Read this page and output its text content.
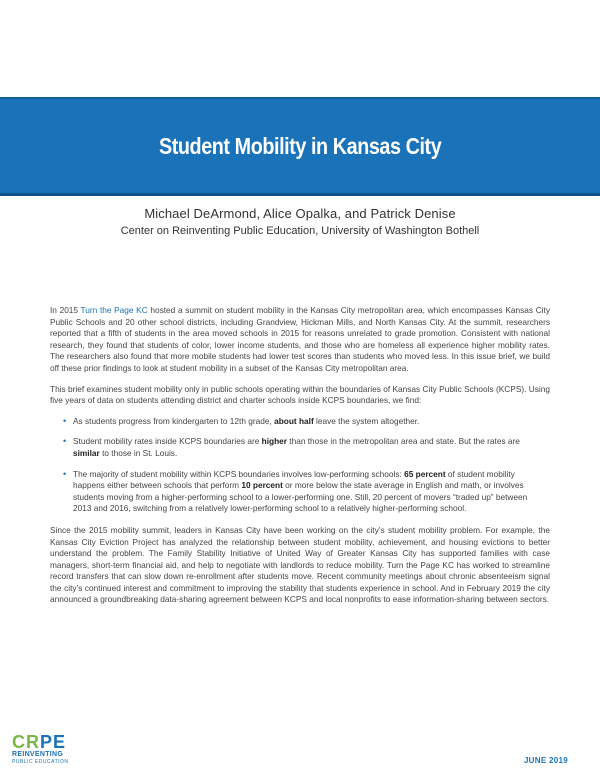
Student Mobility in Kansas City
Michael DeArmond, Alice Opalka, and Patrick Denise
Center on Reinventing Public Education, University of Washington Bothell

In 2015 Turn the Page KC hosted a summit on student mobility in the Kansas City metropolitan area, which encompasses Kansas City Public Schools and 20 other school districts, including Grandview, Hickman Mills, and North Kansas City. At the summit, researchers reported that a fifth of students in the area moved schools in 2015 for reasons unrelated to grade promotion. Consistent with national research, they found that students of color, lower income students, and those who are homeless all experience higher mobility rates. The researchers also found that more mobile students had lower test scores than students who moved less. In this issue brief, we build off these prior findings to look at student mobility in a subset of the Kansas City metropolitan area.

This brief examines student mobility only in public schools operating within the boundaries of Kansas City Public Schools (KCPS). Using five years of data on students attending district and charter schools inside KCPS boundaries, we find:

• As students progress from kindergarten to 12th grade, about half leave the system altogether.
• Student mobility rates inside KCPS boundaries are higher than those in the metropolitan area and state. But the rates are similar to those in St. Louis.
• The majority of student mobility within KCPS boundaries involves low-performing schools: 65 percent of student mobility happens either between schools that perform 10 percent or more below the state average in English and math, or involves students moving from a higher-performing school to a lower-performing one. Still, 20 percent of movers “traded up” between 2013 and 2016, switching from a relatively lower-performing school to a relatively higher-performing school.

Since the 2015 mobility summit, leaders in Kansas City have been working on the city’s student mobility problem. For example, the Kansas City Eviction Project has analyzed the relationship between student mobility, achievement, and housing evictions to better understand the problem. The Family Stability Initiative of United Way of Greater Kansas City has supported families with case managers, short-term financial aid, and help to negotiate with landlords to reduce mobility. Turn the Page KC has worked to streamline record transfers that can slow down re-enrollment after students move. Recent community meetings about chronic absenteeism signal the city’s continued interest and commitment to improving the stability that students experience in school. And in February 2019 the city announced a groundbreaking data-sharing agreement between KCPS and local nonprofits to ease information-sharing between sectors.

CRPE
REINVENTING
PUBLIC EDUCATION	JUNE 2019
